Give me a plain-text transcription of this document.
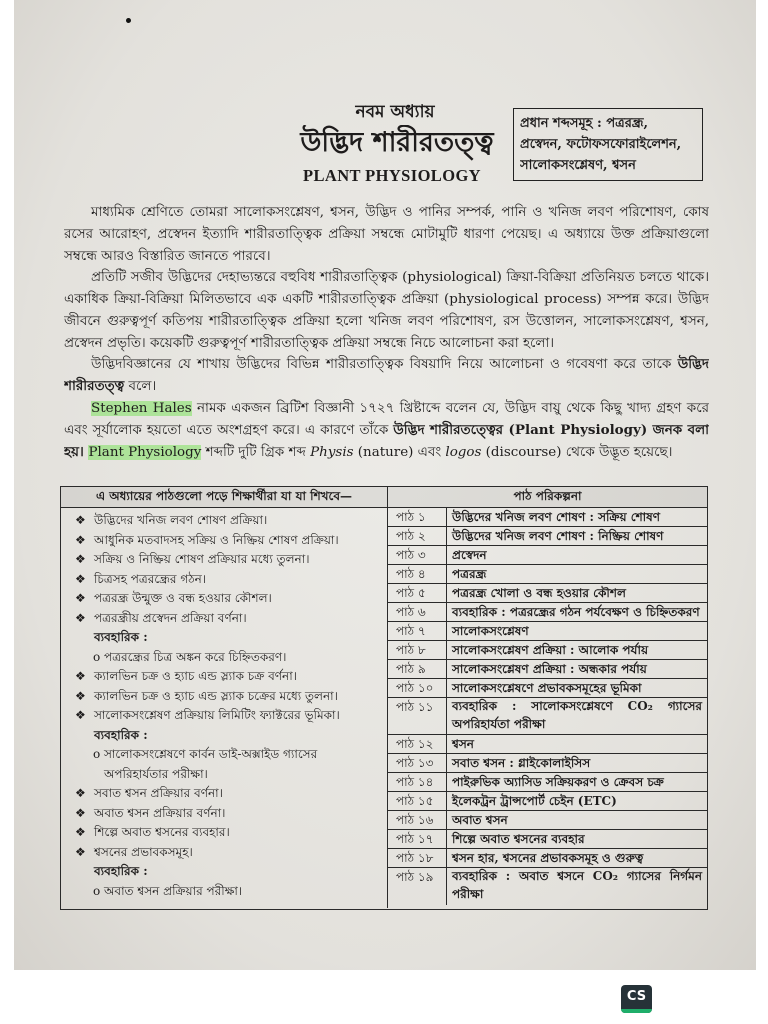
নবম অধ্যায়
উদ্ভিদ শারীরতত্ত্ব
PLANT PHYSIOLOGY
প্রধান শব্দসমূহ : পত্ররন্ধ্র,
প্রস্বেদন, ফটোফসফোরাইলেশন,
সালোকসংশ্লেষণ, শ্বসন

মাধ্যমিক শ্রেণিতে তোমরা সালোকসংশ্লেষণ, শ্বসন, উদ্ভিদ ও পানির সম্পর্ক, পানি ও খনিজ লবণ পরিশোষণ, কোষ রসের আরোহণ, প্রস্বেদন ইত্যাদি শারীরতাত্ত্বিক প্রক্রিয়া সম্বন্ধে মোটামুটি ধারণা পেয়েছ। এ অধ্যায়ে উক্ত প্রক্রিয়াগুলো সম্বন্ধে আরও বিস্তারিত জানতে পারবে।

প্রতিটি সজীব উদ্ভিদের দেহাভ্যন্তরে বহুবিধ শারীরতাত্ত্বিক (physiological) ক্রিয়া-বিক্রিয়া প্রতিনিয়ত চলতে থাকে। একাধিক ক্রিয়া-বিক্রিয়া মিলিতভাবে এক একটি শারীরতাত্ত্বিক প্রক্রিয়া (physiological process) সম্পন্ন করে। উদ্ভিদ জীবনে গুরুত্বপূর্ণ কতিপয় শারীরতাত্ত্বিক প্রক্রিয়া হলো খনিজ লবণ পরিশোষণ, রস উত্তোলন, সালোকসংশ্লেষণ, শ্বসন, প্রস্বেদন প্রভৃতি। কয়েকটি গুরুত্বপূর্ণ শারীরতাত্ত্বিক প্রক্রিয়া সম্বন্ধে নিচে আলোচনা করা হলো।

উদ্ভিদবিজ্ঞানের যে শাখায় উদ্ভিদের বিভিন্ন শারীরতাত্ত্বিক বিষয়াদি নিয়ে আলোচনা ও গবেষণা করে তাকে উদ্ভিদ শারীরতত্ত্ব বলে।

Stephen Hales নামক একজন ব্রিটিশ বিজ্ঞানী ১৭২৭ খ্রিষ্টাব্দে বলেন যে, উদ্ভিদ বায়ু থেকে কিছু খাদ্য গ্রহণ করে এবং সূর্যালোক হয়তো এতে অংশগ্রহণ করে। এ কারণে তাঁকে উদ্ভিদ শারীরতত্ত্বের (Plant Physiology) জনক বলা হয়। Plant Physiology শব্দটি দুটি গ্রিক শব্দ Physis (nature) এবং logos (discourse) থেকে উদ্ভূত হয়েছে।

এ অধ্যায়ের পাঠগুলো পড়ে শিক্ষার্থীরা যা যা শিখবে—	পাঠ পরিকল্পনা
❖ উদ্ভিদের খনিজ লবণ শোষণ প্রক্রিয়া।
❖ আধুনিক মতবাদসহ সক্রিয় ও নিষ্ক্রিয় শোষণ প্রক্রিয়া।
❖ সক্রিয় ও নিষ্ক্রিয় শোষণ প্রক্রিয়ার মধ্যে তুলনা।
❖ চিত্রসহ পত্ররন্ধ্রের গঠন।
❖ পত্ররন্ধ্র উন্মুক্ত ও বন্ধ হওয়ার কৌশল।
❖ পত্ররন্ধ্রীয় প্রস্বেদন প্রক্রিয়া বর্ণনা।
ব্যবহারিক :
o পত্ররন্ধ্রের চিত্র অঙ্কন করে চিহ্নিতকরণ।
❖ ক্যালভিন চক্র ও হ্যাচ এন্ড স্ল্যাক চক্র বর্ণনা।
❖ ক্যালভিন চক্র ও হ্যাচ এন্ড স্ল্যাক চক্রের মধ্যে তুলনা।
❖ সালোকসংশ্লেষণ প্রক্রিয়ায় লিমিটিং ফ্যাক্টরের ভূমিকা।
ব্যবহারিক :
o সালোকসংশ্লেষণে কার্বন ডাই-অক্সাইড গ্যাসের অপরিহার্যতার পরীক্ষা।
❖ সবাত শ্বসন প্রক্রিয়ার বর্ণনা।
❖ অবাত শ্বসন প্রক্রিয়ার বর্ণনা।
❖ শিল্পে অবাত শ্বসনের ব্যবহার।
❖ শ্বসনের প্রভাবকসমূহ।
ব্যবহারিক :
o অবাত শ্বসন প্রক্রিয়ার পরীক্ষা।
পাঠ ১	উদ্ভিদের খনিজ লবণ শোষণ : সক্রিয় শোষণ
পাঠ ২	উদ্ভিদের খনিজ লবণ শোষণ : নিষ্ক্রিয় শোষণ
পাঠ ৩	প্রস্বেদন
পাঠ ৪	পত্ররন্ধ্র
পাঠ ৫	পত্ররন্ধ্র খোলা ও বন্ধ হওয়ার কৌশল
পাঠ ৬	ব্যবহারিক : পত্ররন্ধ্রের গঠন পর্যবেক্ষণ ও চিহ্নিতকরণ
পাঠ ৭	সালোকসংশ্লেষণ
পাঠ ৮	সালোকসংশ্লেষণ প্রক্রিয়া : আলোক পর্যায়
পাঠ ৯	সালোকসংশ্লেষণ প্রক্রিয়া : অন্ধকার পর্যায়
পাঠ ১০	সালোকসংশ্লেষণে প্রভাবকসমূহের ভূমিকা
পাঠ ১১	ব্যবহারিক : সালোকসংশ্লেষণে CO₂ গ্যাসের অপরিহার্যতা পরীক্ষা
পাঠ ১২	শ্বসন
পাঠ ১৩	সবাত শ্বসন : গ্লাইকোলাইসিস
পাঠ ১৪	পাইরুভিক অ্যাসিড সক্রিয়করণ ও ক্রেবস চক্র
পাঠ ১৫	ইলেকট্রন ট্রান্সপোর্ট চেইন (ETC)
পাঠ ১৬	অবাত শ্বসন
পাঠ ১৭	শিল্পে অবাত শ্বসনের ব্যবহার
পাঠ ১৮	শ্বসন হার, শ্বসনের প্রভাবকসমূহ ও গুরুত্ব
পাঠ ১৯	ব্যবহারিক : অবাত শ্বসনে CO₂ গ্যাসের নির্গমন পরীক্ষা
CS
